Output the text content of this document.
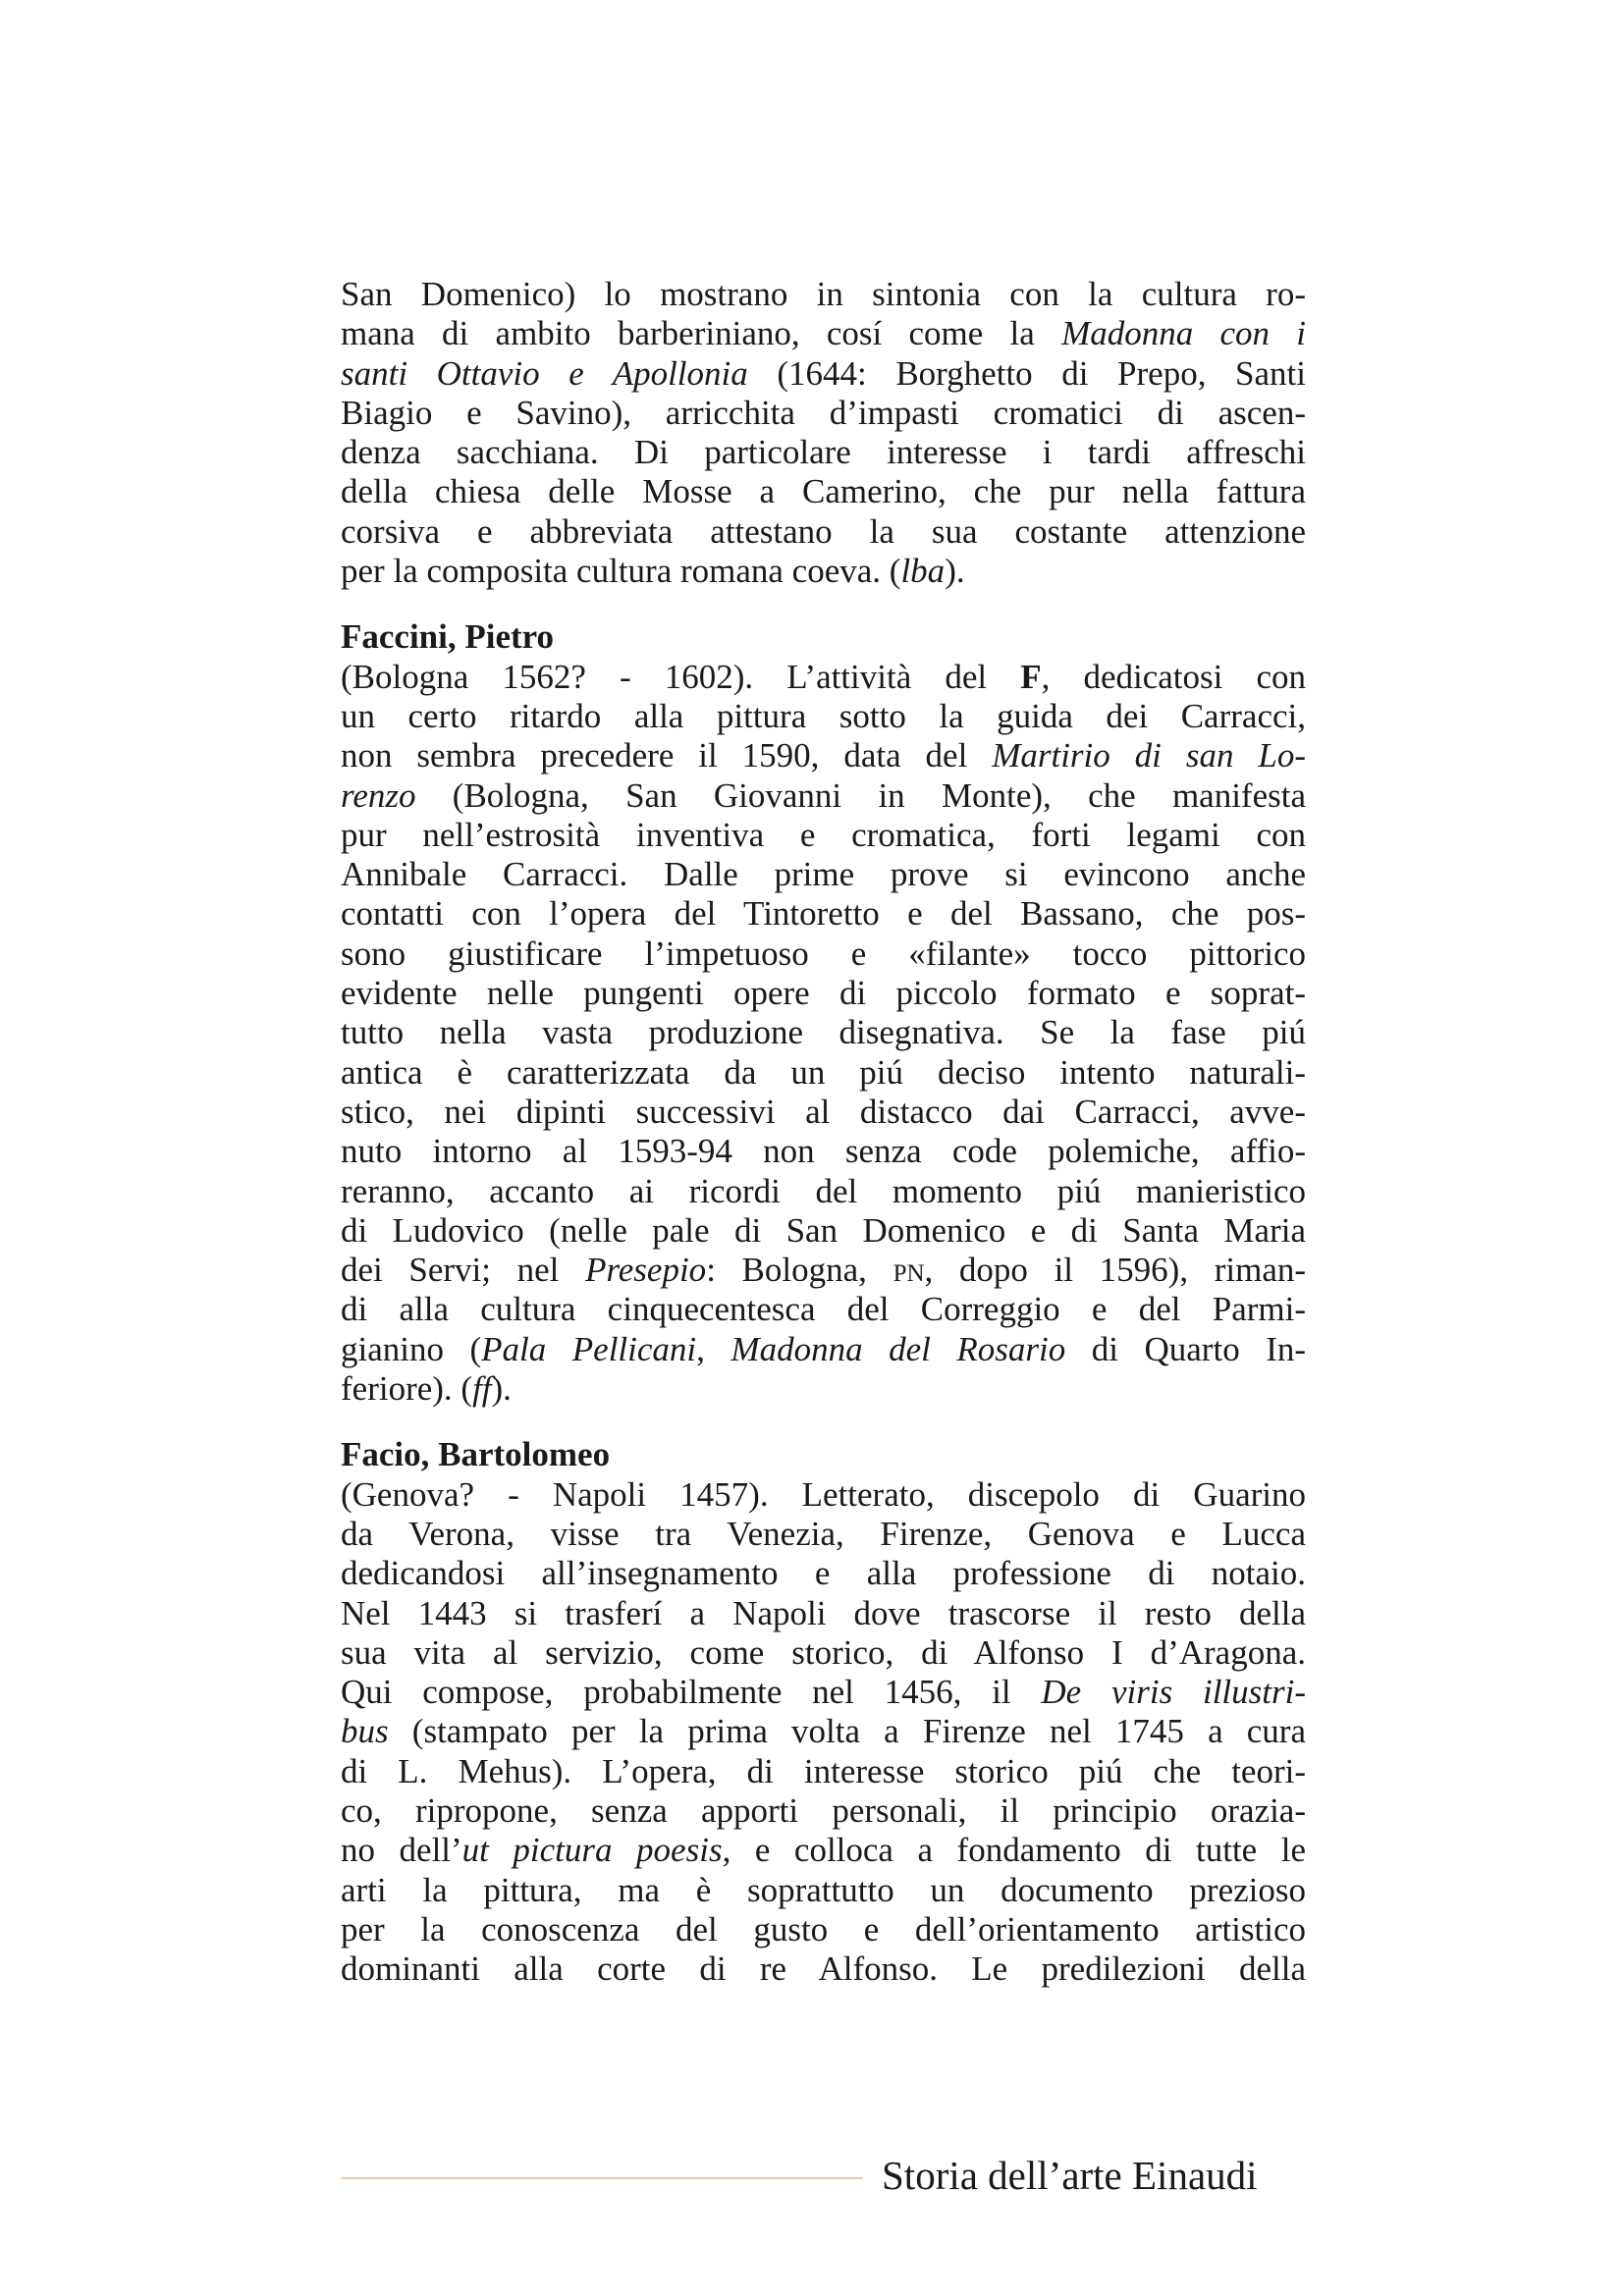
San Domenico) lo mostrano in sintonia con la cultura ro-
mana di ambito barberiniano, cosí come la Madonna con i
santi Ottavio e Apollonia (1644: Borghetto di Prepo, Santi
Biagio e Savino), arricchita d’impasti cromatici di ascen-
denza sacchiana. Di particolare interesse i tardi affreschi
della chiesa delle Mosse a Camerino, che pur nella fattura
corsiva e abbreviata attestano la sua costante attenzione
per la composita cultura romana coeva. (lba).
Faccini, Pietro
(Bologna 1562? - 1602). L’attività del F, dedicatosi con
un certo ritardo alla pittura sotto la guida dei Carracci,
non sembra precedere il 1590, data del Martirio di san Lo-
renzo (Bologna, San Giovanni in Monte), che manifesta
pur nell’estrosità inventiva e cromatica, forti legami con
Annibale Carracci. Dalle prime prove si evincono anche
contatti con l’opera del Tintoretto e del Bassano, che pos-
sono giustificare l’impetuoso e «filante» tocco pittorico
evidente nelle pungenti opere di piccolo formato e soprat-
tutto nella vasta produzione disegnativa. Se la fase piú
antica è caratterizzata da un piú deciso intento naturali-
stico, nei dipinti successivi al distacco dai Carracci, avve-
nuto intorno al 1593-94 non senza code polemiche, affio-
reranno, accanto ai ricordi del momento piú manieristico
di Ludovico (nelle pale di San Domenico e di Santa Maria
dei Servi; nel Presepio: Bologna, pn, dopo il 1596), riman-
di alla cultura cinquecentesca del Correggio e del Parmi-
gianino (Pala Pellicani, Madonna del Rosario di Quarto In-
feriore). (ff).
Facio, Bartolomeo
(Genova? - Napoli 1457). Letterato, discepolo di Guarino
da Verona, visse tra Venezia, Firenze, Genova e Lucca
dedicandosi all’insegnamento e alla professione di notaio.
Nel 1443 si trasferí a Napoli dove trascorse il resto della
sua vita al servizio, come storico, di Alfonso I d’Aragona.
Qui compose, probabilmente nel 1456, il De viris illustri-
bus (stampato per la prima volta a Firenze nel 1745 a cura
di L. Mehus). L’opera, di interesse storico piú che teori-
co, ripropone, senza apporti personali, il principio orazia-
no dell’ut pictura poesis, e colloca a fondamento di tutte le
arti la pittura, ma è soprattutto un documento prezioso
per la conoscenza del gusto e dell’orientamento artistico
dominanti alla corte di re Alfonso. Le predilezioni della
Storia dell’arte Einaudi
